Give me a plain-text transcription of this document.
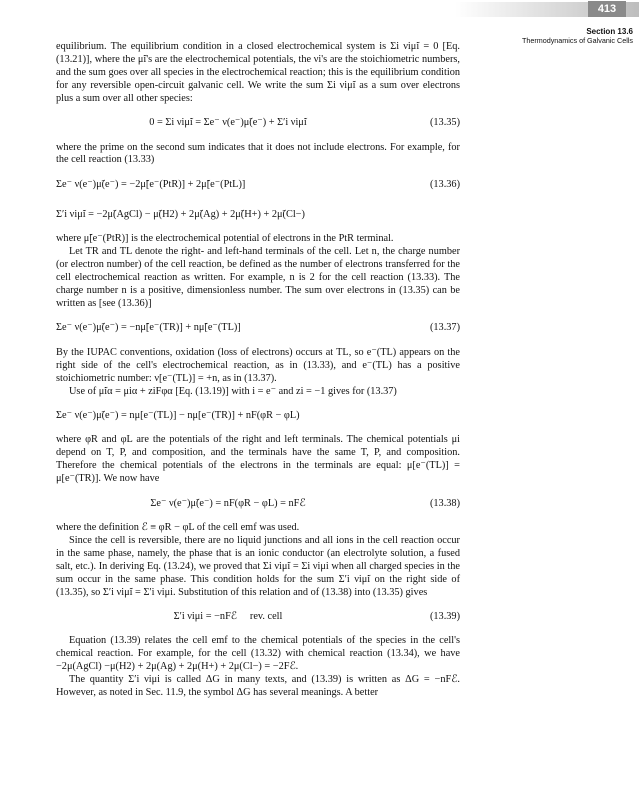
413
Section 13.6
Thermodynamics of Galvanic Cells

equilibrium. The equilibrium condition in a closed electrochemical system is Σi νiμ̃i = 0 [Eq. (13.21)], where the μ̃i's are the electrochemical potentials, the νi's are the stoichiometric numbers, and the sum goes over all species in the electrochemical reaction; this is the equilibrium condition for any reversible open-circuit galvanic cell. We write the sum Σi νiμ̃i as a sum over electrons plus a sum over all other species:

0 = Σi νiμ̃i = Σe⁻ ν(e⁻)μ̃(e⁻) + Σ′i νiμ̃i	(13.35)

where the prime on the second sum indicates that it does not include electrons. For example, for the cell reaction (13.33)

Σe⁻ ν(e⁻)μ̃(e⁻) = −2μ̃[e⁻(PtR)] + 2μ̃[e⁻(PtL)]	(13.36)
Σ′i νiμ̃i = −2μ̃(AgCl) − μ̃(H2) + 2μ̃(Ag) + 2μ̃(H+) + 2μ̃(Cl−)

where μ̃[e⁻(PtR)] is the electrochemical potential of electrons in the PtR terminal.

Let TR and TL denote the right- and left-hand terminals of the cell. Let n, the charge number (or electron number) of the cell reaction, be defined as the number of electrons transferred for the cell electrochemical reaction as written. For example, n is 2 for the cell reaction (13.33). The charge number n is a positive, dimensionless number. The sum over electrons in (13.35) can be written as [see (13.36)]

Σe⁻ ν(e⁻)μ̃(e⁻) = −nμ̃[e⁻(TR)] + nμ̃[e⁻(TL)]	(13.37)

By the IUPAC conventions, oxidation (loss of electrons) occurs at TL, so e⁻(TL) appears on the right side of the cell's electrochemical reaction, as in (13.33), and e⁻(TL) has a positive stoichiometric number: ν[e⁻(TL)] = +n, as in (13.37).

Use of μ̃iα = μiα + ziFφα [Eq. (13.19)] with i = e⁻ and zi = −1 gives for (13.37)

Σe⁻ ν(e⁻)μ̃(e⁻) = nμ[e⁻(TL)] − nμ[e⁻(TR)] + nF(φR − φL)

where φR and φL are the potentials of the right and left terminals. The chemical potentials μi depend on T, P, and composition, and the terminals have the same T, P, and composition. Therefore the chemical potentials of the electrons in the terminals are equal: μ[e⁻(TL)] = μ[e⁻(TR)]. We now have

Σe⁻ ν(e⁻)μ̃(e⁻) = nF(φR − φL) = nFℰ	(13.38)

where the definition ℰ ≡ φR − φL of the cell emf was used.

Since the cell is reversible, there are no liquid junctions and all ions in the cell reaction occur in the same phase, namely, the phase that is an ionic conductor (an electrolyte solution, a fused salt, etc.). In deriving Eq. (13.24), we proved that Σi νiμ̃i = Σi νiμi when all charged species in the sum occur in the same phase. This condition holds for the sum Σ′i νiμ̃i on the right side of (13.35), so Σ′i νiμ̃i = Σ′i νiμi. Substitution of this relation and of (13.38) into (13.35) gives

Σ′i νiμi = −nFℰ rev. cell	(13.39)

Equation (13.39) relates the cell emf to the chemical potentials of the species in the cell's chemical reaction. For example, for the cell (13.32) with chemical reaction (13.34), we have −2μ(AgCl) −μ(H2) + 2μ(Ag) + 2μ(H+) + 2μ(Cl−) = −2Fℰ.

The quantity Σ′i νiμi is called ΔG in many texts, and (13.39) is written as ΔG = −nFℰ. However, as noted in Sec. 11.9, the symbol ΔG has several meanings. A better
